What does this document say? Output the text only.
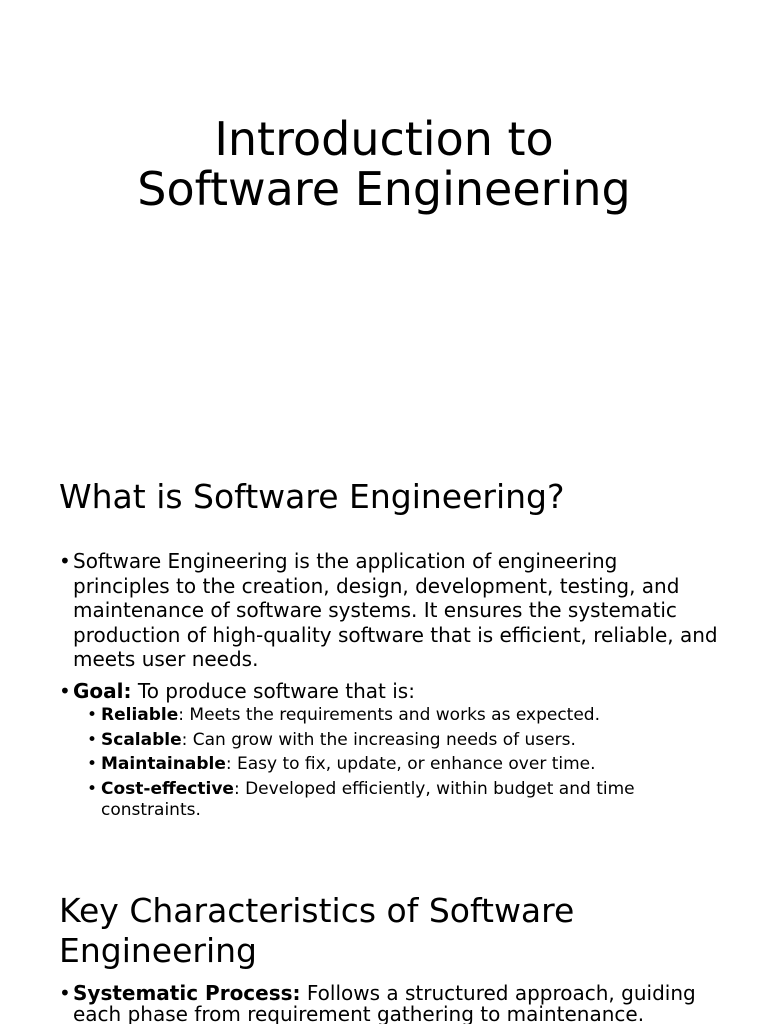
Introduction to
Software Engineering
What is Software Engineering?
• Software Engineering is the application of engineering principles to the creation, design, development, testing, and maintenance of software systems. It ensures the systematic production of high-quality software that is efficient, reliable, and meets user needs.
• Goal: To produce software that is:
• Reliable: Meets the requirements and works as expected.
• Scalable: Can grow with the increasing needs of users.
• Maintainable: Easy to fix, update, or enhance over time.
• Cost-effective: Developed efficiently, within budget and time constraints.
Key Characteristics of Software
Engineering
• Systematic Process: Follows a structured approach, guiding each phase from requirement gathering to maintenance.
